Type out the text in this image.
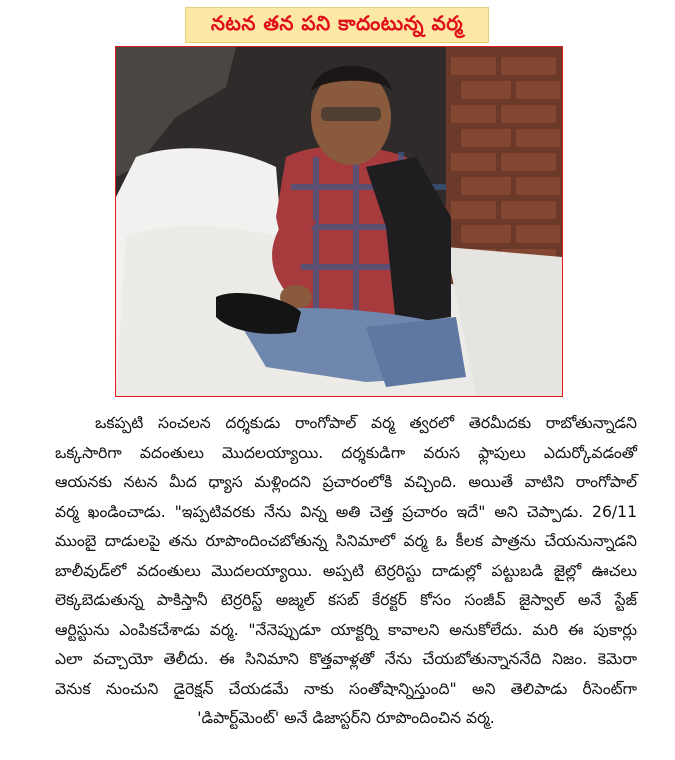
నటన తన పని కాదంటున్న వర్మ
ఒకప్పటి సంచలన దర్శకుడు రాంగోపాల్ వర్మ త్వరలో తెరమీదకు రాబోతున్నాడని
ఒక్కసారిగా వదంతులు మొదలయ్యాయి. దర్శకుడిగా వరుస ఫ్లాపులు ఎదుర్కోవడంతో
ఆయనకు నటన మీద ధ్యాస మళ్లిందని ప్రచారంలోకి వచ్చింది. అయితే వాటిని రాంగోపాల్
వర్మ ఖండించాడు. "ఇప్పటివరకు నేను విన్న అతి చెత్త ప్రచారం ఇదే" అని చెప్పాడు. 26/11
ముంబై దాడులపై తను రూపొందించబోతున్న సినిమాలో వర్మ ఓ కీలక పాత్రను చేయనున్నాడని
బాలీవుడ్‌లో వదంతులు మొదలయ్యాయి. అప్పటి టెర్రరిస్టు దాడుల్లో పట్టుబడి జైల్లో ఊచలు
లెక్కబెడుతున్న పాకిస్తానీ టెర్రరిస్ట్ అజ్మల్ కసబ్ కేరక్టర్ కోసం సంజీవ్ జైస్వాల్ అనే స్టేజ్
ఆర్టిస్టును ఎంపికచేశాడు వర్మ. "నేనెప్పుడూ యాక్టర్ని కావాలని అనుకోలేదు. మరి ఈ పుకార్లు
ఎలా వచ్చాయో తెలీదు. ఈ సినిమాని కొత్తవాళ్లతో నేను చేయబోతున్నాననేది నిజం. కెమెరా
వెనుక నుంచుని డైరెక్షన్ చేయడమే నాకు సంతోషాన్నిస్తుంది" అని తెలిపాడు రీసెంట్‌గా
'డిపార్ట్‌మెంట్' అనే డిజాస్టర్‌ని రూపొందించిన వర్మ.
